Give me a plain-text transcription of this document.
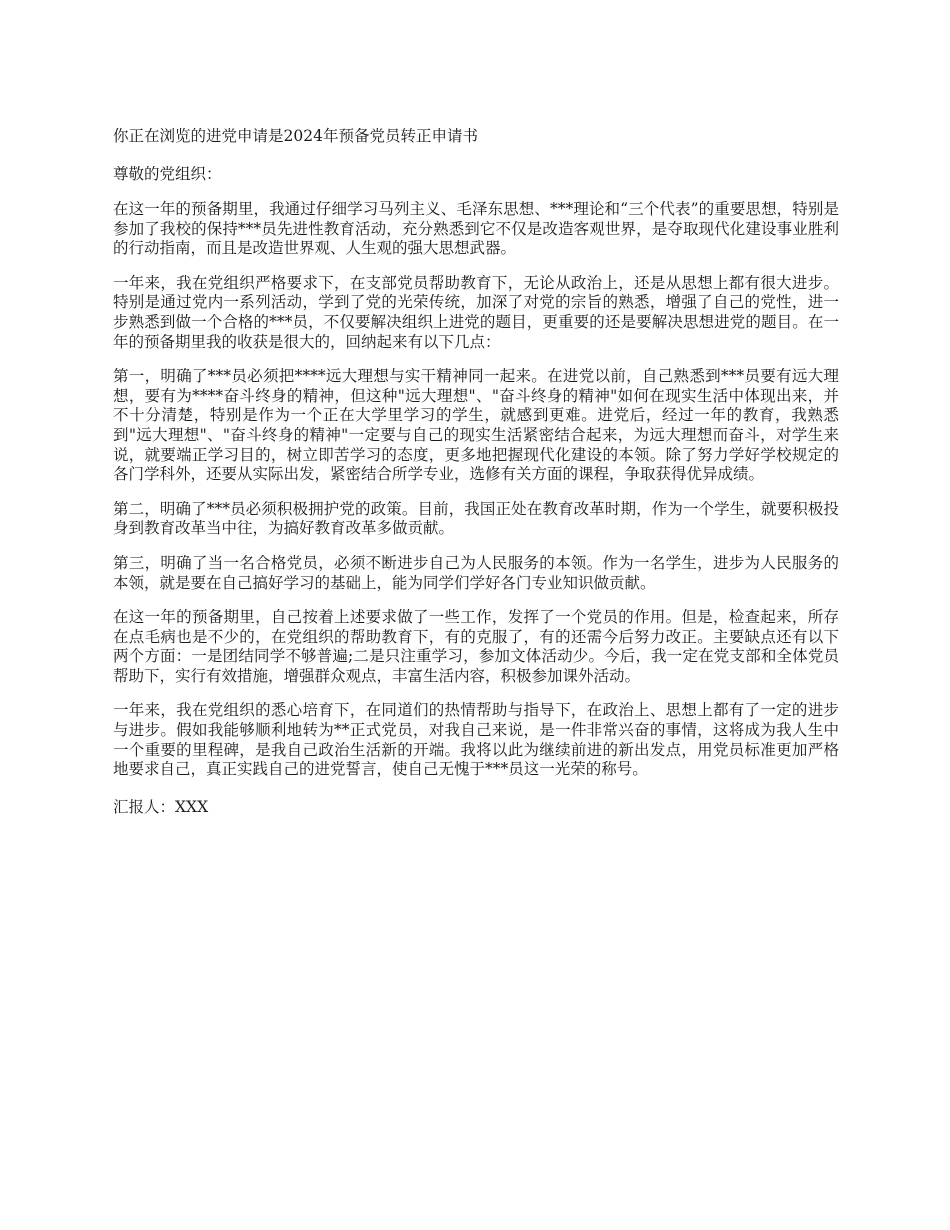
你正在浏览的进党申请是2024年预备党员转正申请书
尊敬的党组织：

在这一年的预备期里，我通过仔细学习马列主义、毛泽东思想、***理论和“三个代表”的重要思想，特别是参加了我校的保持***员先进性教育活动，充分熟悉到它不仅是改造客观世界，是夺取现代化建设事业胜利的行动指南，而且是改造世界观、人生观的强大思想武器。

一年来，我在党组织严格要求下，在支部党员帮助教育下，无论从政治上，还是从思想上都有很大进步。特别是通过党内一系列活动，学到了党的光荣传统，加深了对党的宗旨的熟悉，增强了自己的党性，进一步熟悉到做一个合格的***员，不仅要解决组织上进党的题目，更重要的还是要解决思想进党的题目。在一年的预备期里我的收获是很大的，回纳起来有以下几点：

第一，明确了***员必须把****远大理想与实干精神同一起来。在进党以前，自己熟悉到***员要有远大理想，要有为****奋斗终身的精神，但这种"远大理想"、"奋斗终身的精神"如何在现实生活中体现出来，并不十分清楚，特别是作为一个正在大学里学习的学生，就感到更难。进党后，经过一年的教育，我熟悉到"远大理想"、"奋斗终身的精神"一定要与自己的现实生活紧密结合起来，为远大理想而奋斗，对学生来说，就要端正学习目的，树立即苦学习的态度，更多地把握现代化建设的本领。除了努力学好学校规定的各门学科外，还要从实际出发，紧密结合所学专业，选修有关方面的课程，争取获得优异成绩。

第二，明确了***员必须积极拥护党的政策。目前，我国正处在教育改革时期，作为一个学生，就要积极投身到教育改革当中往，为搞好教育改革多做贡献。

第三，明确了当一名合格党员，必须不断进步自己为人民服务的本领。作为一名学生，进步为人民服务的本领，就是要在自己搞好学习的基础上，能为同学们学好各门专业知识做贡献。

在这一年的预备期里，自己按着上述要求做了一些工作，发挥了一个党员的作用。但是，检查起来，所存在点毛病也是不少的，在党组织的帮助教育下，有的克服了，有的还需今后努力改正。主要缺点还有以下两个方面：一是团结同学不够普遍;二是只注重学习，参加文体活动少。今后，我一定在党支部和全体党员帮助下，实行有效措施，增强群众观点，丰富生活内容，积极参加课外活动。

一年来，我在党组织的悉心培育下，在同道们的热情帮助与指导下，在政治上、思想上都有了一定的进步与进步。假如我能够顺利地转为**正式党员，对我自己来说，是一件非常兴奋的事情，这将成为我人生中一个重要的里程碑，是我自己政治生活新的开端。我将以此为继续前进的新出发点，用党员标准更加严格地要求自己，真正实践自己的进党誓言，使自己无愧于***员这一光荣的称号。

汇报人：XXX
